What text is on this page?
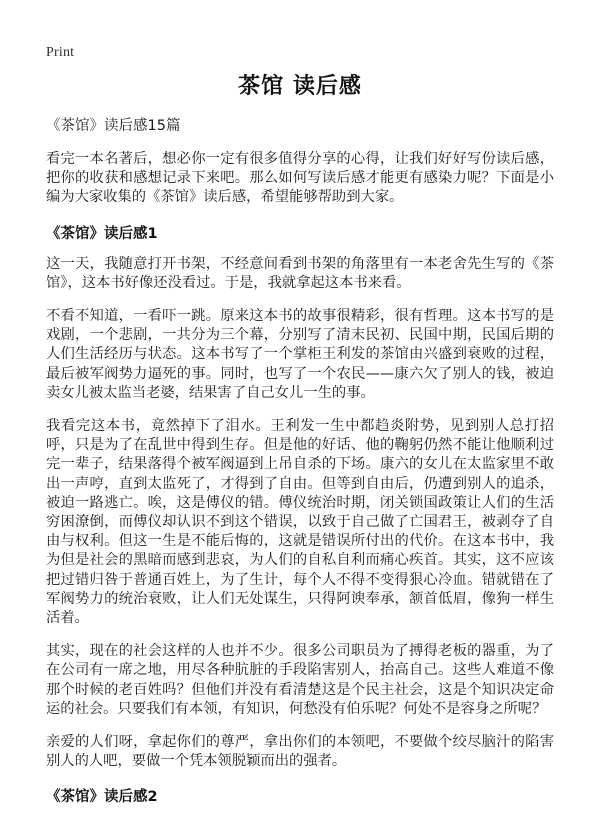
Print
茶馆 读后感
《茶馆》读后感15篇

看完一本名著后，想必你一定有很多值得分享的心得，让我们好好写份读后感，把你的收获和感想记录下来吧。那么如何写读后感才能更有感染力呢？下面是小编为大家收集的《茶馆》读后感，希望能够帮助到大家。

《茶馆》读后感1

这一天，我随意打开书架，不经意间看到书架的角落里有一本老舍先生写的《茶馆》，这本书好像还没看过。于是，我就拿起这本书来看。

不看不知道，一看吓一跳。原来这本书的故事很精彩，很有哲理。这本书写的是戏剧，一个悲剧，一共分为三个幕，分别写了清末民初、民国中期，民国后期的人们生活经历与状态。这本书写了一个掌柜王利发的茶馆由兴盛到衰败的过程，最后被军阀势力逼死的事。同时，也写了一个农民——康六欠了别人的钱，被迫卖女儿被太监当老婆，结果害了自己女儿一生的事。

我看完这本书，竟然掉下了泪水。王利发一生中都趋炎附势，见到别人总打招呼，只是为了在乱世中得到生存。但是他的好话、他的鞠躬仍然不能让他顺利过完一辈子，结果落得个被军阀逼到上吊自杀的下场。康六的女儿在太监家里不敢出一声哼，直到太监死了，才得到了自由。但等到自由后，仍遭到别人的追杀，被迫一路逃亡。唉，这是傅仪的错。傅仪统治时期，闭关锁国政策让人们的生活穷困潦倒，而傅仪却认识不到这个错误，以致于自己做了亡国君王，被剥夺了自由与权利。但这一生是不能后悔的，这就是错误所付出的代价。在这本书中，我为但是社会的黑暗而感到悲哀，为人们的自私自利而痛心疾首。其实，这不应该把过错归咎于普通百姓上，为了生计，每个人不得不变得狠心冷血。错就错在了军阀势力的统治衰败，让人们无处谋生，只得阿谀奉承，颔首低眉，像狗一样生活着。

其实，现在的社会这样的人也并不少。很多公司职员为了搏得老板的器重，为了在公司有一席之地，用尽各种肮脏的手段陷害别人，抬高自己。这些人难道不像那个时候的老百姓吗？但他们并没有看清楚这是个民主社会，这是个知识决定命运的社会。只要我们有本领，有知识，何愁没有伯乐呢？何处不是容身之所呢？

亲爱的人们呀，拿起你们的尊严，拿出你们的本领吧，不要做个绞尽脑汁的陷害别人的人吧，要做一个凭本领脱颖而出的强者。

《茶馆》读后感2
